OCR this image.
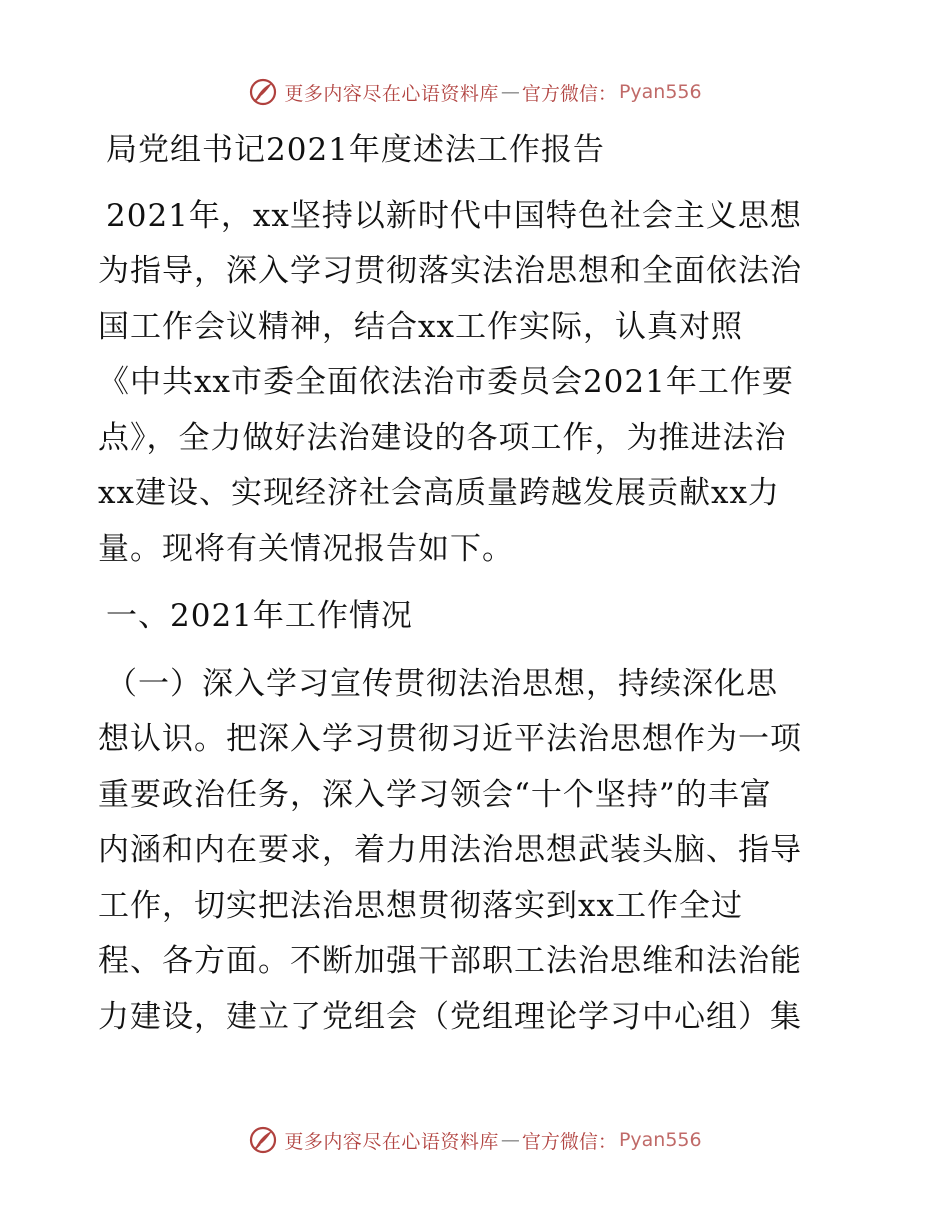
更多内容尽在心语资料库 — 官方微信： Pyan556
局党组书记2021年度述法工作报告
2021年，xx坚持以新时代中国特色社会主义思想
为指导，深入学习贯彻落实法治思想和全面依法治
国工作会议精神，结合xx工作实际，认真对照
《中共xx市委全面依法治市委员会2021年工作要
点》，全力做好法治建设的各项工作，为推进法治
xx建设、实现经济社会高质量跨越发展贡献xx力
量。现将有关情况报告如下。
一、2021年工作情况
（一）深入学习宣传贯彻法治思想，持续深化思
想认识。把深入学习贯彻习近平法治思想作为一项
重要政治任务，深入学习领会“十个坚持”的丰富
内涵和内在要求，着力用法治思想武装头脑、指导
工作，切实把法治思想贯彻落实到xx工作全过
程、各方面。不断加强干部职工法治思维和法治能
力建设，建立了党组会（党组理论学习中心组）集
更多内容尽在心语资料库 — 官方微信： Pyan556
